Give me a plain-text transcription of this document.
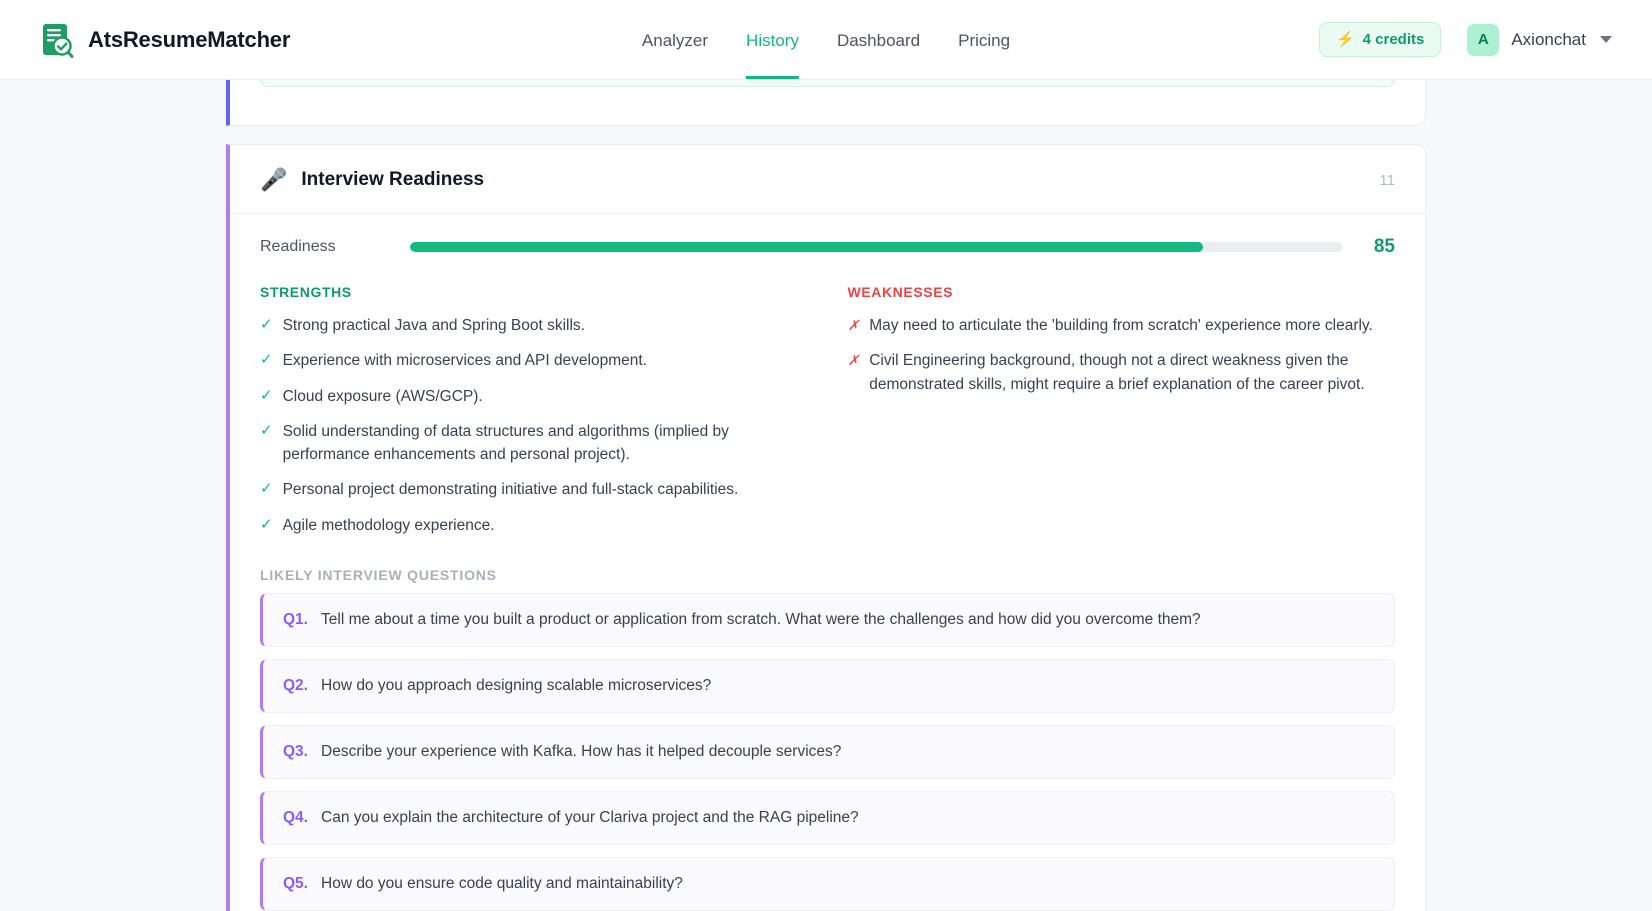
AtsResumeMatcher	Analyzer History Dashboard Pricing	⚡ 4 credits	A	Axionchat
🎤 Interview Readiness	11
Readiness	85
STRENGTHS
✓ Strong practical Java and Spring Boot skills.
✓ Experience with microservices and API development.
✓ Cloud exposure (AWS/GCP).
✓ Solid understanding of data structures and algorithms (implied by performance enhancements and personal project).
✓ Personal project demonstrating initiative and full-stack capabilities.
✓ Agile methodology experience.
WEAKNESSES
✗ May need to articulate the 'building from scratch' experience more clearly.
✗ Civil Engineering background, though not a direct weakness given the demonstrated skills, might require a brief explanation of the career pivot.
LIKELY INTERVIEW QUESTIONS
Q1. Tell me about a time you built a product or application from scratch. What were the challenges and how did you overcome them?
Q2. How do you approach designing scalable microservices?
Q3. Describe your experience with Kafka. How has it helped decouple services?
Q4. Can you explain the architecture of your Clariva project and the RAG pipeline?
Q5. How do you ensure code quality and maintainability?
